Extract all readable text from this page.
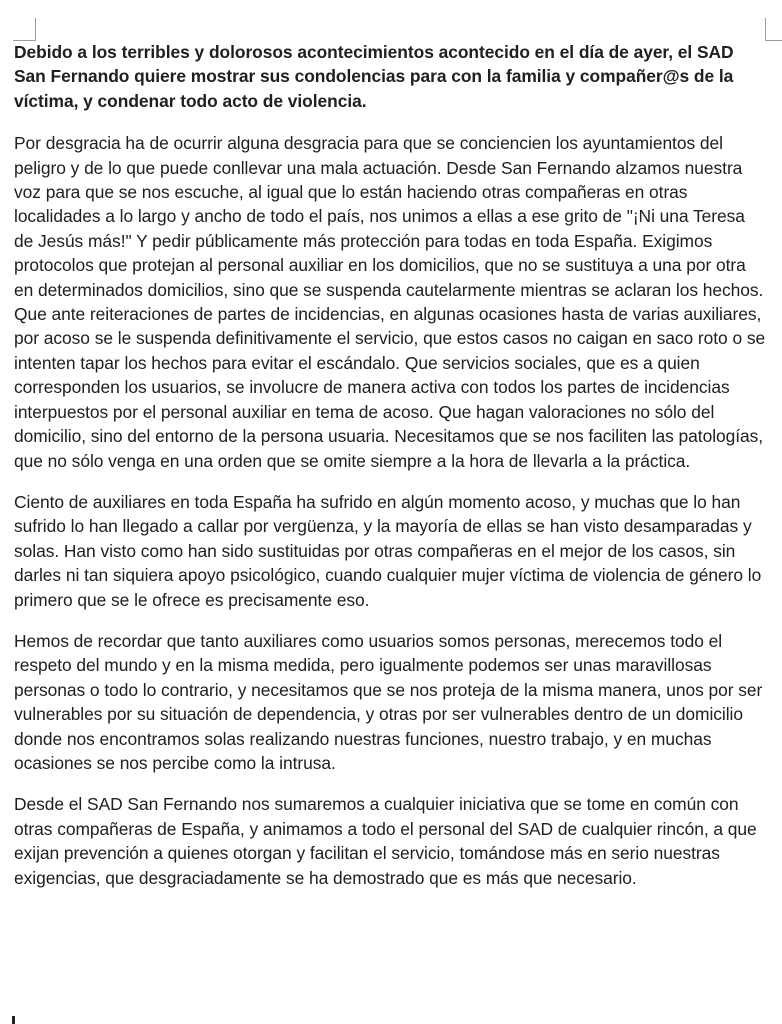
Debido a los terribles y dolorosos acontecimientos acontecido en el día de ayer, el SAD San Fernando quiere mostrar sus condolencias para con la familia y compañer@s de la víctima, y condenar todo acto de violencia.

Por desgracia ha de ocurrir alguna desgracia para que se conciencien los ayuntamientos del peligro y de lo que puede conllevar una mala actuación. Desde San Fernando alzamos nuestra voz para que se nos escuche, al igual que lo están haciendo otras compañeras en otras localidades a lo largo y ancho de todo el país, nos unimos a ellas a ese grito de "¡Ni una Teresa de Jesús más!" Y pedir públicamente más protección para todas en toda España. Exigimos protocolos que protejan al personal auxiliar en los domicilios, que no se sustituya a una por otra en determinados domicilios, sino que se suspenda cautelarmente mientras se aclaran los hechos. Que ante reiteraciones de partes de incidencias, en algunas ocasiones hasta de varias auxiliares, por acoso se le suspenda definitivamente el servicio, que estos casos no caigan en saco roto o se intenten tapar los hechos para evitar el escándalo. Que servicios sociales, que es a quien corresponden los usuarios, se involucre de manera activa con todos los partes de incidencias interpuestos por el personal auxiliar en tema de acoso. Que hagan valoraciones no sólo del domicilio, sino del entorno de la persona usuaria. Necesitamos que se nos faciliten las patologías, que no sólo venga en una orden que se omite siempre a la hora de llevarla a la práctica.

Ciento de auxiliares en toda España ha sufrido en algún momento acoso, y muchas que lo han sufrido lo han llegado a callar por vergüenza, y la mayoría de ellas se han visto desamparadas y solas. Han visto como han sido sustituidas por otras compañeras en el mejor de los casos, sin darles ni tan siquiera apoyo psicológico, cuando cualquier mujer víctima de violencia de género lo primero que se le ofrece es precisamente eso.

Hemos de recordar que tanto auxiliares como usuarios somos personas, merecemos todo el respeto del mundo y en la misma medida, pero igualmente podemos ser unas maravillosas personas o todo lo contrario, y necesitamos que se nos proteja de la misma manera, unos por ser vulnerables por su situación de dependencia, y otras por ser vulnerables dentro de un domicilio donde nos encontramos solas realizando nuestras funciones, nuestro trabajo, y en muchas ocasiones se nos percibe como la intrusa.

Desde el SAD San Fernando nos sumaremos a cualquier iniciativa que se tome en común con otras compañeras de España, y animamos a todo el personal del SAD de cualquier rincón, a que exijan prevención a quienes otorgan y facilitan el servicio, tomándose más en serio nuestras exigencias, que desgraciadamente se ha demostrado que es más que necesario.
